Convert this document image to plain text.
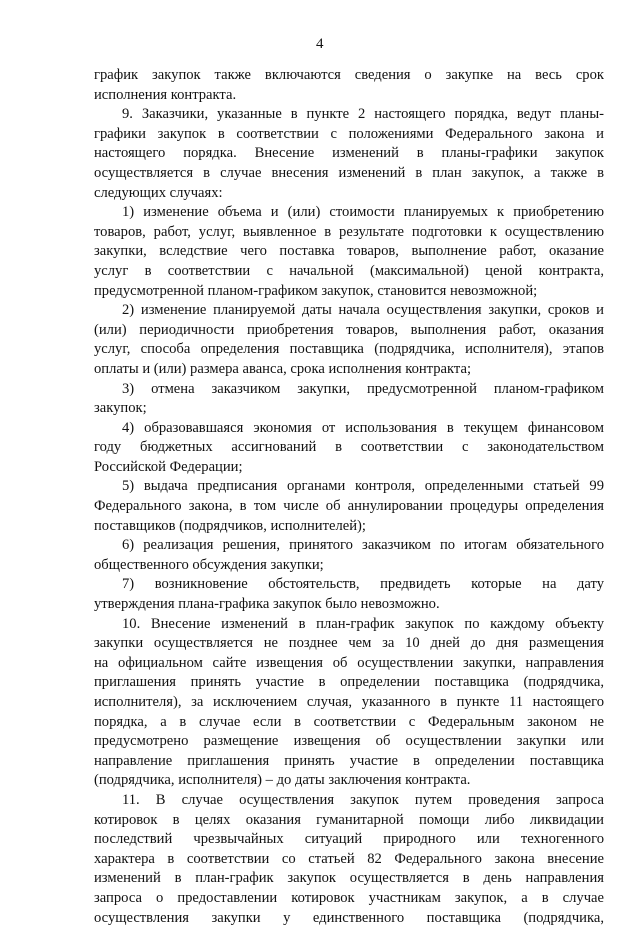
4
график закупок также включаются сведения о закупке на весь срок
исполнения контракта.
9. Заказчики, указанные в пункте 2 настоящего порядка, ведут планы-
графики закупок в соответствии с положениями Федерального закона и
настоящего порядка. Внесение изменений в планы-графики закупок
осуществляется в случае внесения изменений в план закупок, а также в
следующих случаях:
1) изменение объема и (или) стоимости планируемых к приобретению
товаров, работ, услуг, выявленное в результате подготовки к осуществлению
закупки, вследствие чего поставка товаров, выполнение работ, оказание
услуг в соответствии с начальной (максимальной) ценой контракта,
предусмотренной планом-графиком закупок, становится невозможной;
2) изменение планируемой даты начала осуществления закупки, сроков и
(или) периодичности приобретения товаров, выполнения работ, оказания
услуг, способа определения поставщика (подрядчика, исполнителя), этапов
оплаты и (или) размера аванса, срока исполнения контракта;
3) отмена заказчиком закупки, предусмотренной планом-графиком
закупок;
4) образовавшаяся экономия от использования в текущем финансовом
году бюджетных ассигнований в соответствии с законодательством
Российской Федерации;
5) выдача предписания органами контроля, определенными статьей 99
Федерального закона, в том числе об аннулировании процедуры определения
поставщиков (подрядчиков, исполнителей);
6) реализация решения, принятого заказчиком по итогам обязательного
общественного обсуждения закупки;
7) возникновение обстоятельств, предвидеть которые на дату
утверждения плана-графика закупок было невозможно.
10. Внесение изменений в план-график закупок по каждому объекту
закупки осуществляется не позднее чем за 10 дней до дня размещения
на официальном сайте извещения об осуществлении закупки, направления
приглашения принять участие в определении поставщика (подрядчика,
исполнителя), за исключением случая, указанного в пункте 11 настоящего
порядка, а в случае если в соответствии с Федеральным законом не
предусмотрено размещение извещения об осуществлении закупки или
направление приглашения принять участие в определении поставщика
(подрядчика, исполнителя) – до даты заключения контракта.
11. В случае осуществления закупок путем проведения запроса
котировок в целях оказания гуманитарной помощи либо ликвидации
последствий чрезвычайных ситуаций природного или техногенного
характера в соответствии со статьей 82 Федерального закона внесение
изменений в план-график закупок осуществляется в день направления
запроса о предоставлении котировок участникам закупок, а в случае
осуществления закупки у единственного поставщика (подрядчика,
